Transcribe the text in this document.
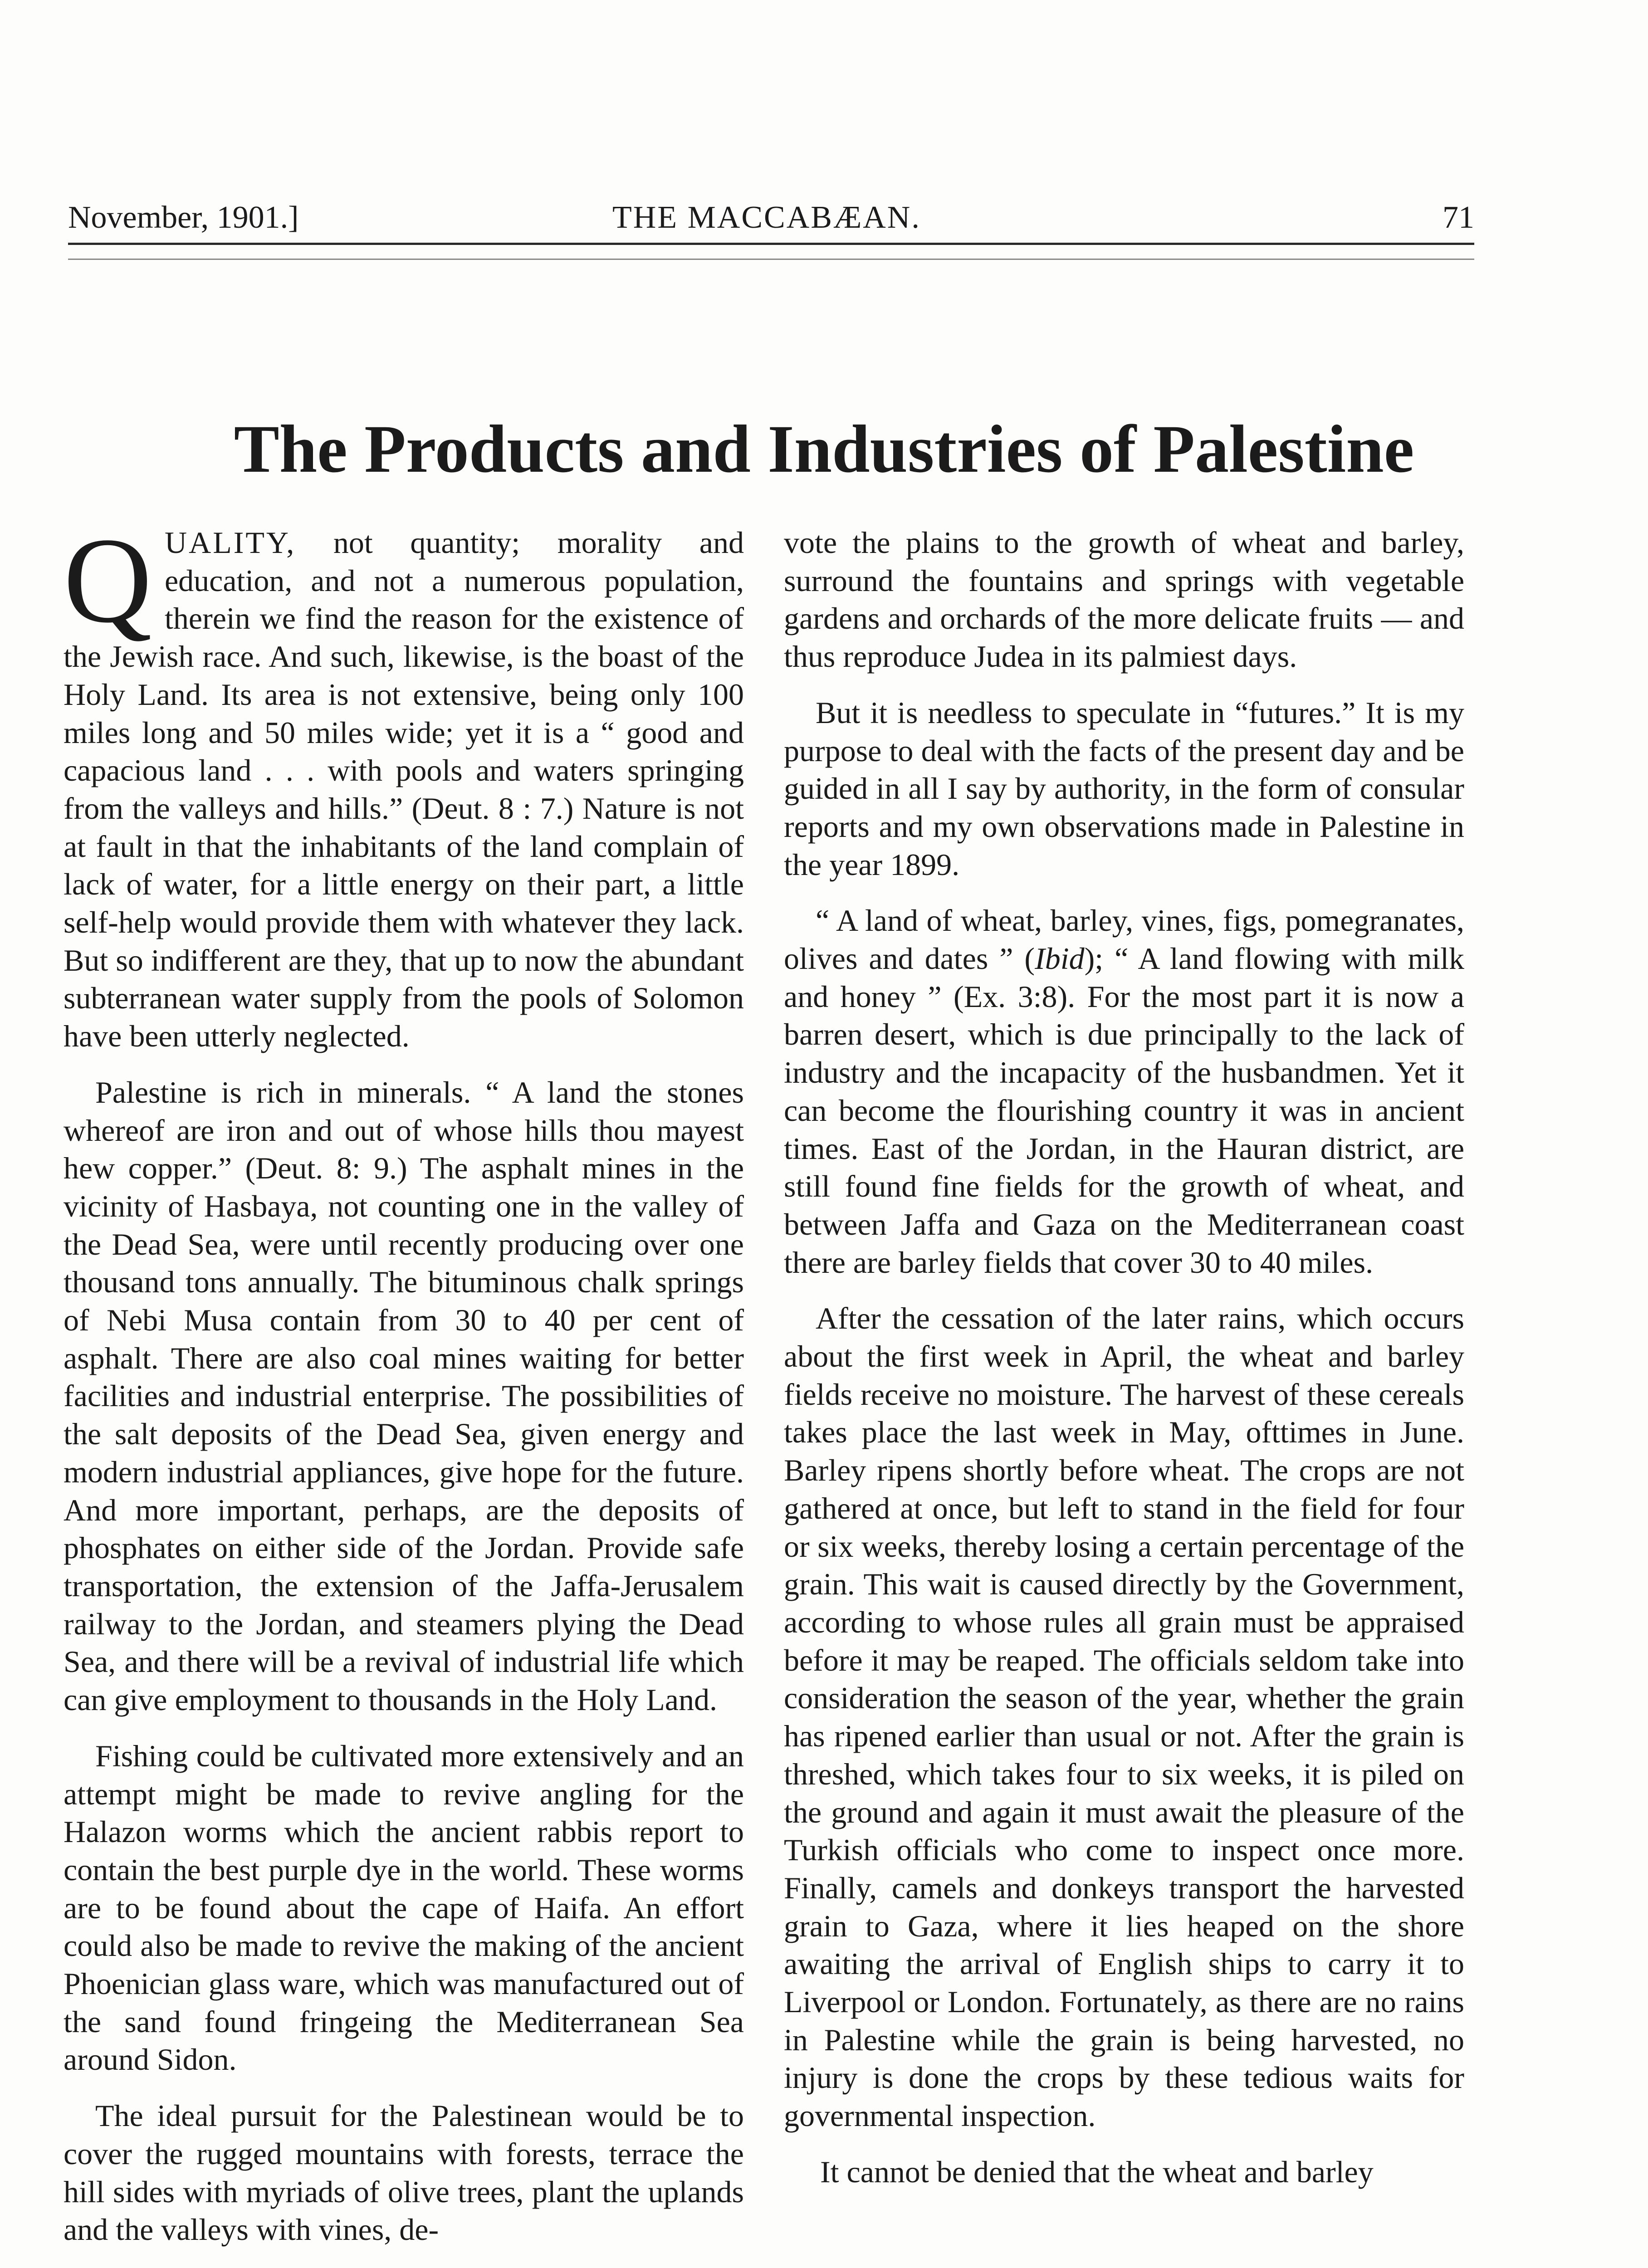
November, 1901.]	THE MACCABÆAN.	71
The Products and Industries of Palestine

QUALITY, not quantity; morality and education, and not a numerous population, therein we find the reason for the existence of the Jewish race. And such, likewise, is the boast of the Holy Land. Its area is not extensive, being only 100 miles long and 50 miles wide; yet it is a “ good and capacious land . . . with pools and waters springing from the valleys and hills.” (Deut. 8 : 7.) Nature is not at fault in that the inhabitants of the land complain of lack of water, for a little energy on their part, a little self-help would provide them with whatever they lack. But so indifferent are they, that up to now the abundant subterranean water supply from the pools of Solomon have been utterly neglected.

Palestine is rich in minerals. “ A land the stones whereof are iron and out of whose hills thou mayest hew copper.” (Deut. 8: 9.) The asphalt mines in the vicinity of Hasbaya, not counting one in the valley of the Dead Sea, were until recently producing over one thousand tons annually. The bituminous chalk springs of Nebi Musa contain from 30 to 40 per cent of asphalt. There are also coal mines waiting for better facilities and industrial enterprise. The possibilities of the salt deposits of the Dead Sea, given energy and modern industrial appliances, give hope for the future. And more important, perhaps, are the deposits of phosphates on either side of the Jordan. Provide safe transportation, the extension of the Jaffa-Jerusalem railway to the Jordan, and steamers plying the Dead Sea, and there will be a revival of industrial life which can give employment to thousands in the Holy Land.

Fishing could be cultivated more extensively and an attempt might be made to revive angling for the Halazon worms which the ancient rabbis report to contain the best purple dye in the world. These worms are to be found about the cape of Haifa. An effort could also be made to revive the making of the ancient Phoenician glass ware, which was manufactured out of the sand found fringeing the Mediterranean Sea around Sidon.

The ideal pursuit for the Palestinean would be to cover the rugged mountains with forests, terrace the hill sides with myriads of olive trees, plant the uplands and the valleys with vines, de-

vote the plains to the growth of wheat and barley, surround the fountains and springs with vegetable gardens and orchards of the more delicate fruits — and thus reproduce Judea in its palmiest days.

But it is needless to speculate in “futures.” It is my purpose to deal with the facts of the present day and be guided in all I say by authority, in the form of consular reports and my own observations made in Palestine in the year 1899.

“ A land of wheat, barley, vines, figs, pomegranates, olives and dates ” (Ibid); “ A land flowing with milk and honey ” (Ex. 3:8). For the most part it is now a barren desert, which is due principally to the lack of industry and the incapacity of the husbandmen. Yet it can become the flourishing country it was in ancient times. East of the Jordan, in the Hauran district, are still found fine fields for the growth of wheat, and between Jaffa and Gaza on the Mediterranean coast there are barley fields that cover 30 to 40 miles.

After the cessation of the later rains, which occurs about the first week in April, the wheat and barley fields receive no moisture. The harvest of these cereals takes place the last week in May, ofttimes in June. Barley ripens shortly before wheat. The crops are not gathered at once, but left to stand in the field for four or six weeks, thereby losing a certain percentage of the grain. This wait is caused directly by the Government, according to whose rules all grain must be appraised before it may be reaped. The officials seldom take into consideration the season of the year, whether the grain has ripened earlier than usual or not. After the grain is threshed, which takes four to six weeks, it is piled on the ground and again it must await the pleasure of the Turkish officials who come to inspect once more. Finally, camels and donkeys transport the harvested grain to Gaza, where it lies heaped on the shore awaiting the arrival of English ships to carry it to Liverpool or London. Fortunately, as there are no rains in Palestine while the grain is being harvested, no injury is done the crops by these tedious waits for governmental inspection.

It cannot be denied that the wheat and barley
